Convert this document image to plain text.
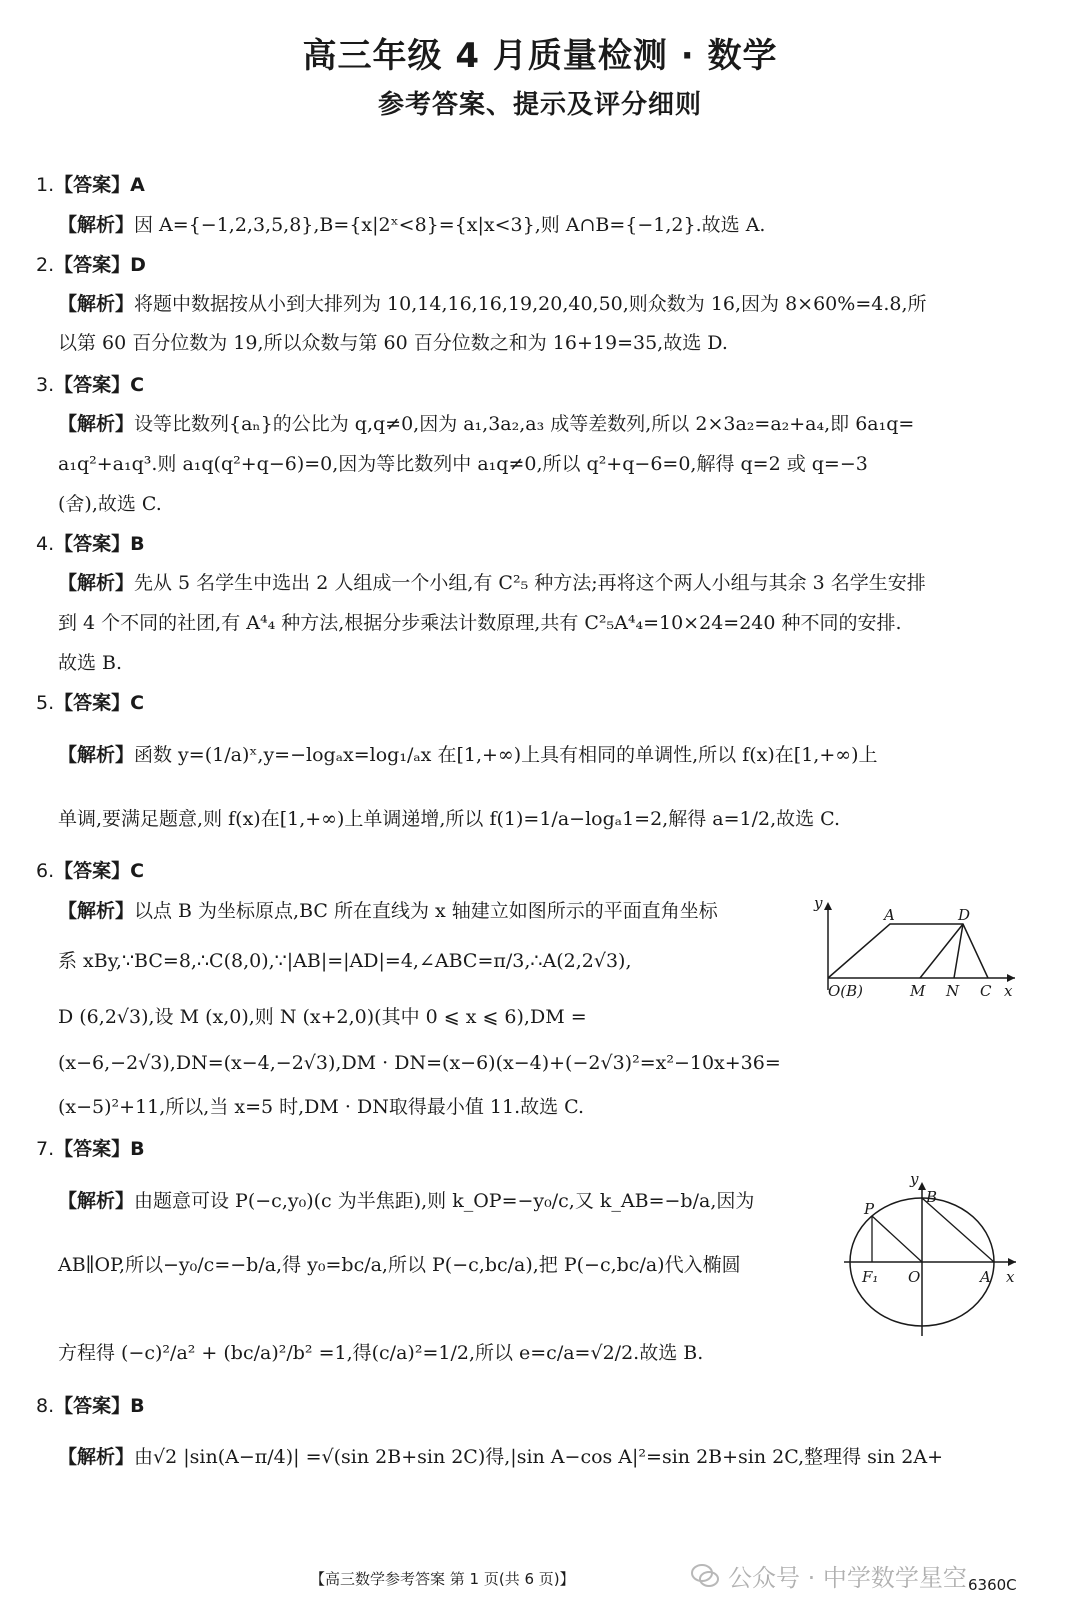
高三年级 4 月质量检测 · 数学
参考答案、提示及评分细则
1.【答案】A
【解析】因 A={−1,2,3,5,8},B={x|2ˣ<8}={x|x<3},则 A∩B={−1,2}.故选 A.
2.【答案】D
【解析】将题中数据按从小到大排列为 10,14,16,16,19,20,40,50,则众数为 16,因为 8×60%=4.8,所
以第 60 百分位数为 19,所以众数与第 60 百分位数之和为 16+19=35,故选 D.
3.【答案】C
【解析】设等比数列{aₙ}的公比为 q,q≠0,因为 a₁,3a₂,a₃ 成等差数列,所以 2×3a₂=a₂+a₄,即 6a₁q=
a₁q²+a₁q³.则 a₁q(q²+q−6)=0,因为等比数列中 a₁q≠0,所以 q²+q−6=0,解得 q=2 或 q=−3
(舍),故选 C.
4.【答案】B
【解析】先从 5 名学生中选出 2 人组成一个小组,有 C²₅ 种方法;再将这个两人小组与其余 3 名学生安排
到 4 个不同的社团,有 A⁴₄ 种方法,根据分步乘法计数原理,共有 C²₅A⁴₄=10×24=240 种不同的安排.
故选 B.
5.【答案】C
【解析】函数 y=(1/a)ˣ,y=−logₐx=log₁/ₐx 在[1,+∞)上具有相同的单调性,所以 f(x)在[1,+∞)上
单调,要满足题意,则 f(x)在[1,+∞)上单调递增,所以 f(1)=1/a−logₐ1=2,解得 a=1/2,故选 C.
6.【答案】C
【解析】以点 B 为坐标原点,BC 所在直线为 x 轴建立如图所示的平面直角坐标
系 xBy,∵BC=8,∴C(8,0),∵|AB|=|AD|=4,∠ABC=π/3,∴A(2,2√3),
D (6,2√3),设 M (x,0),则 N (x+2,0)(其中 0 ⩽ x ⩽ 6),DM =
(x−6,−2√3),DN=(x−4,−2√3),DM · DN=(x−6)(x−4)+(−2√3)²=x²−10x+36=
(x−5)²+11,所以,当 x=5 时,DM · DN取得最小值 11.故选 C.
y
A	D
O(B)	M N C x
7.【答案】B
【解析】由题意可设 P(−c,y₀)(c 为半焦距),则 k_OP=−y₀/c,又 k_AB=−b/a,因为
AB∥OP,所以−y₀/c=−b/a,得 y₀=bc/a,所以 P(−c,bc/a),把 P(−c,bc/a)代入椭圆
方程得 (−c)²/a² + (bc/a)²/b² =1,得(c/a)²=1/2,所以 e=c/a=√2/2.故选 B.
y
B
P
F₁ O	A x
8.【答案】B
【解析】由√2 |sin(A−π/4)| =√(sin 2B+sin 2C)得,|sin A−cos A|²=sin 2B+sin 2C,整理得 sin 2A+
【高三数学参考答案 第 1 页(共 6 页)】	公众号 · 中学数学星空 6360C
